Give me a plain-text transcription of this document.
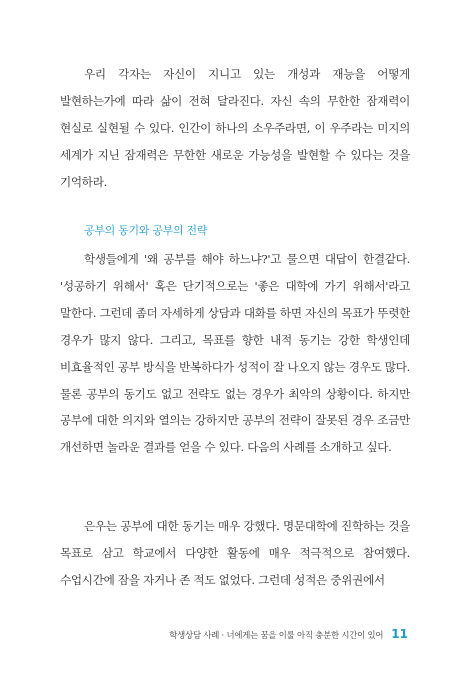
우리 각자는 자신이 지니고 있는 개성과 재능을 어떻게 발현하는가에 따라 삶이 전혀 달라진다. 자신 속의 무한한 잠재력이 현실로 실현될 수 있다. 인간이 하나의 소우주라면, 이 우주라는 미지의 세계가 지닌 잠재력은 무한한 새로운 가능성을 발현할 수 있다는 것을 기억하라.

공부의 동기와 공부의 전략

학생들에게 '왜 공부를 해야 하느냐?'고 물으면 대답이 한결같다. '성공하기 위해서' 혹은 단기적으로는 '좋은 대학에 가기 위해서'라고 말한다. 그런데 좀더 자세하게 상담과 대화를 하면 자신의 목표가 뚜렷한 경우가 많지 않다. 그리고, 목표를 향한 내적 동기는 강한 학생인데 비효율적인 공부 방식을 반복하다가 성적이 잘 나오지 않는 경우도 많다. 물론 공부의 동기도 없고 전략도 없는 경우가 최악의 상황이다. 하지만 공부에 대한 의지와 열의는 강하지만 공부의 전략이 잘못된 경우 조금만 개선하면 놀라운 결과를 얻을 수 있다. 다음의 사례를 소개하고 싶다.

은우는 공부에 대한 동기는 매우 강했다. 명문대학에 진학하는 것을 목표로 삼고 학교에서 다양한 활동에 매우 적극적으로 참여했다. 수업시간에 잠을 자거나 존 적도 없었다. 그런데 성적은 중위권에서

학생상담 사례 · 너에게는 꿈을 이룰 아직 충분한 시간이 있어 11
